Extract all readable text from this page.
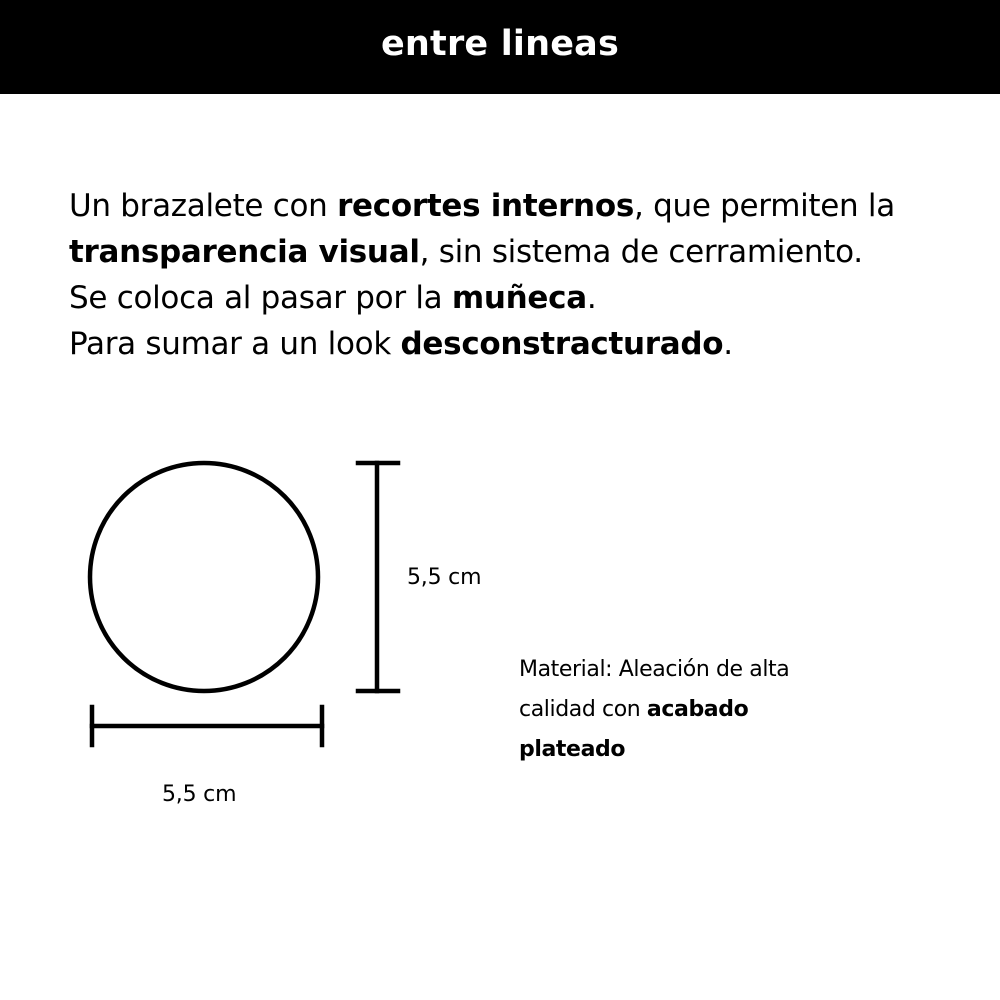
entre lineas

Un brazalete con recortes internos, que permiten la
transparencia visual, sin sistema de cerramiento.
Se coloca al pasar por la muñeca.
Para sumar a un look desconstracturado.

5,5 cm
5,5 cm

Material: Aleación de alta
calidad con acabado
plateado
